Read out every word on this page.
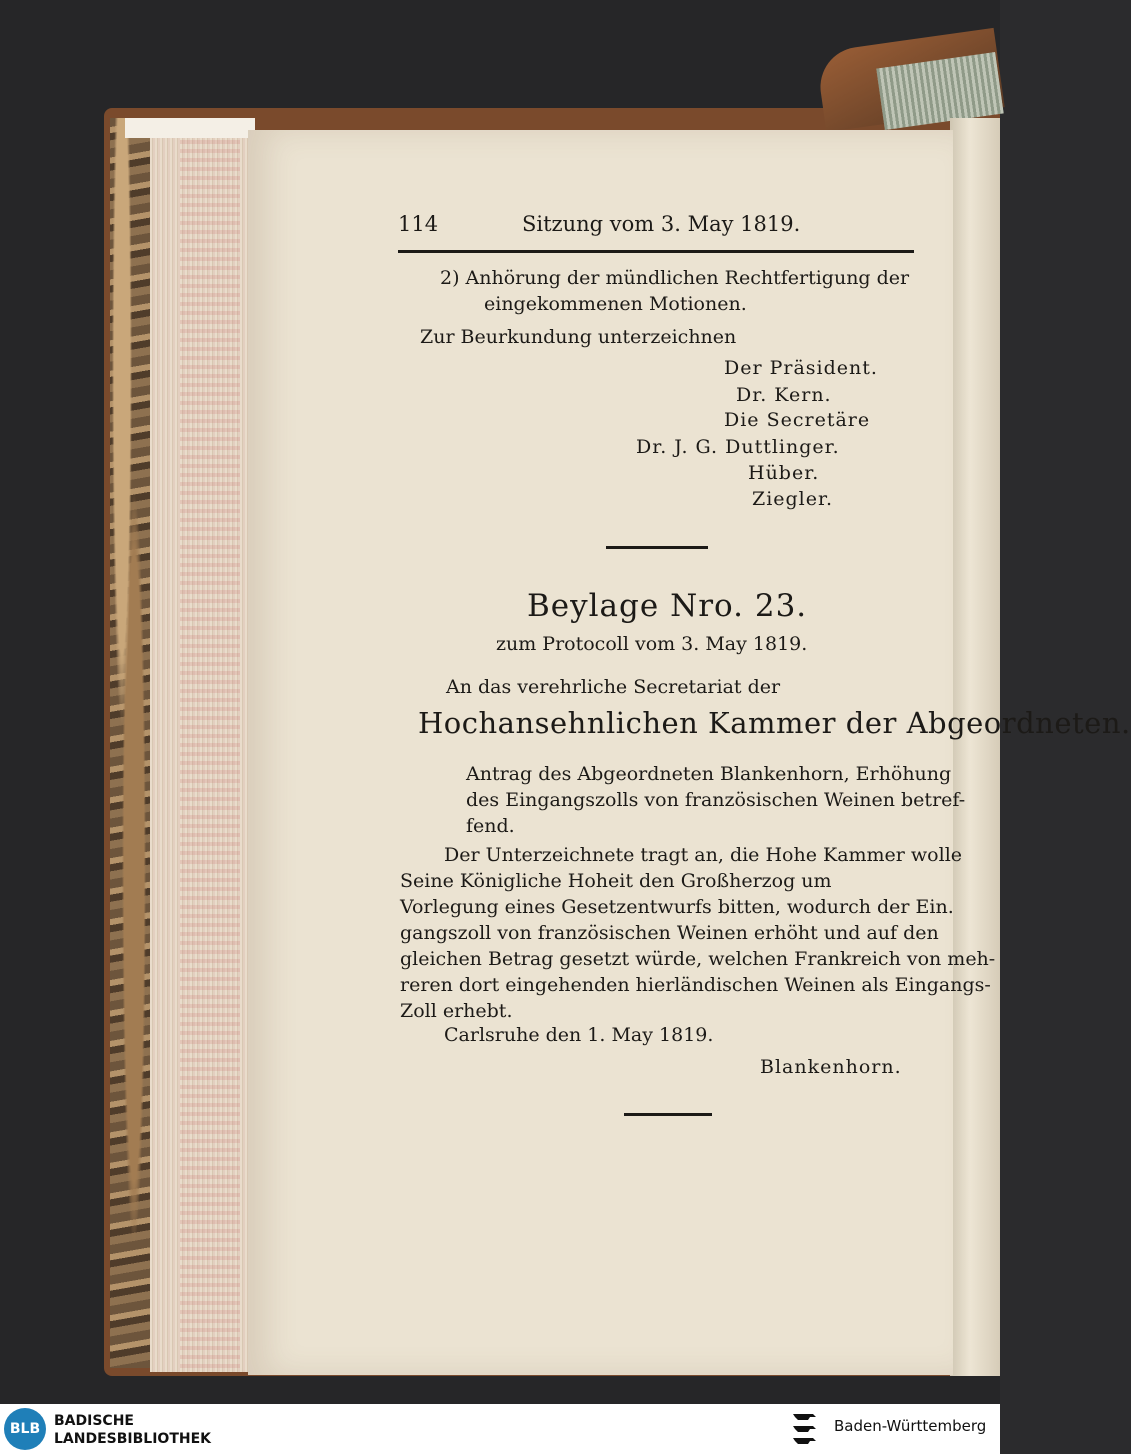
114	Sitzung vom 3. May 1819.
2) Anhörung der mündlichen Rechtfertigung der
eingekommenen Motionen.
Zur Beurkundung unterzeichnen
Der Präsident.
Dr. Kern.
Die Secretäre
Dr. J. G. Duttlinger.
Hüber.
Ziegler.
Beylage Nro. 23.
zum Protocoll vom 3. May 1819.
An das verehrliche Secretariat der
Hochansehnlichen Kammer der Abgeordneten.
Antrag des Abgeordneten Blankenhorn, Erhöhung
des Eingangszolls von französischen Weinen betref-
fend.
Der Unterzeichnete tragt an, die Hohe Kammer wolle
Seine Königliche Hoheit den Großherzog um
Vorlegung eines Gesetzentwurfs bitten, wodurch der Ein.
gangszoll von französischen Weinen erhöht und auf den
gleichen Betrag gesetzt würde, welchen Frankreich von meh-
reren dort eingehenden hierländischen Weinen als Eingangs-
Zoll erhebt.
Carlsruhe den 1. May 1819.
Blankenhorn.
BLB BADISCHE
LANDESBIBLIOTHEK
Baden-Württemberg
